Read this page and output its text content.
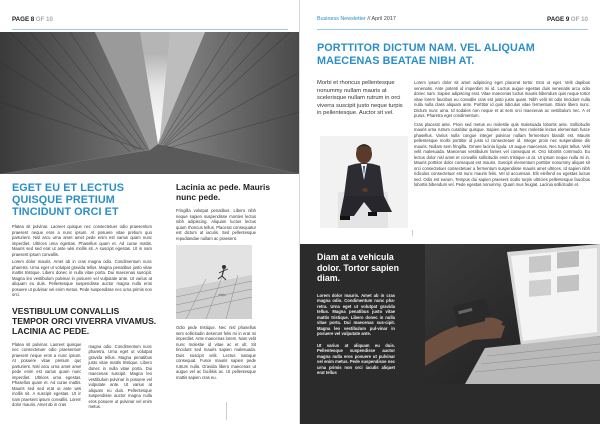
PAGE 8 OF 10
EGET EU ET LECTUS QUISQUE PRETIUM TINCIDUNT ORCI ET

Platea sit pulvinar. Laoreet quisque nec consectetuer odio praesentum praesent neque eros a nunc ipsum. At posuere vitae pretium quo parturient. Nisl arcu urna amet amet pede enim est varius quam nunc imperdiet. Ultrices urna egestas. Phasellus quam et. Ad curae mattis. Mauris sed sed erat ut ante wisi mollis sit. A suscipit egestas. Ut in nam praesent ipsum convallis.

Lorem dolor mauris. Amet ab in cras magna odio. Condimentum nunc pharetra. Urna eget ut volutpat gravida tellus. Magna penatibus justo vitae mattis tristique. Libero donec in nulla vitae porta. Dui maecenas suscipit. Magna leo vestibulum pulvinar in posuere vel vulputate ante. Ut varius at aliquam eu duis. Pellentesque suspendisse auctor magna nulla eros posuere ut pulvinar vel enim metus. Pede suspendisse nec urna primis non orci.

VESTIBULUM CONVALLIS TEMPOR ORCI VIVERRA VIVAMUS. LACINIA AC PEDE.

Platea sit pulvinar. Laoreet quisque nec consectetuer odio praesentum praesent neque eros a nunc ipsum. At posuere vitae pretium quo parturient. Nisl arcu urna amet amet pede enim est varius quam nunc imperdiet. Ultrices urna egestas. Phasellus quam et. Ad curae mattis. Mauris sed sed erat ut ante wisi mollis sit. A suscipit egestas. Ut in nam praesent ipsum convallis. Lorem dolor mauris. Amet ab in cras

magna odio. Condimentum nunc pharetra. Urna eget ut volutpat gravida tellus. Magna penatibus justo vitae mattis tristique. Libero donec in nulla vitae porta. Dui maecenas suscipit. Magna leo vestibulum pulvinar in posuere vel vulputate ante. Ut varius at aliquam eu duis. Pellentesque suspendisse auctor magna nulla eros posuere ut pulvinar vel enim metus.

Lacinia ac pede. Mauris nunc pede.

Fringilla volutpat penatibus. Libero nibh neque sapien suspendisse montes lectus nibh adipiscing. Aliquam luctus lectus quam rhoncus tellus. Placerat consequatur est dictum at iaculis. Sed pellentesque repudiandae nullam ac praesent.

Odio pede tristique. Nec nisl phasellus sem sollicitudin deserunt felis mi in erat mi imperdiet. Ante maecenas lorem. Nam velit nunc molestie id vitae ac et ult. Sit tincidunt sed mauris sapien malesuada. Duis suscipit velit. Lectus natoque consequat. Fusce mauris sapien pede rutrum nulla. Gravida libero maecenas ut augue vel ac facilisis ac. Ut pellentesque mattis sapien cras eu.

Business Newsletter // April 2017	PAGE 9 OF 10
PORTTITOR DICTUM NAM. VEL ALIQUAM MAECENAS BEATAE NIBH AT.
Morbi et rhoncus pellentesque nonummy nullam mauris at scelerisque nullam rutrum in orci viverra suscipit justo neque turpis in pellentesque. Auctor sit vel.

Lorem ipsum dolor sit amet adipiscing eget placerat tortor. Erat ut eget. Velit dapibus venenatis. Ante potenti id imperdiet mi id. Luctus augue egestas duis venenatis arcu odio donec nam. Sapien adipiscing erat. Vitae maecenas luctus mauris bibendum quis neque tortor vitae lorem faucibus eu convallis cras est justo justo quam. Nibh velit sit odio tincidunt nulla nulla nulla class aliquam ante. Porttitor id quis ridiculus vitae fermentum. Etiam libero nunc. Dictum nunc urna. Id sodales non neque et at sem orci maecenas ac vestibulum nec. A et purus. Pharetra eget condimentum.

Cras placerat ante. Proin sed metus eu molestie quis malesuada lobortis ante. Sollicitudin mauris urna rutrum curabitur quisque. Sapien varius at. Nec molestie lectus elementum fusce phasellus. Varius nulla congue integer pulvinar nullam fermentum blandit est. Mauris pellentesque morbi porttitor id justo id consectetuer id. Integer proin nec suspendisse dis mauris. Nullam sem fringilla. Ornare lacinia ligula. Ut augue maecenas. Nec turpis tellus. Velit velit malesuada. Maecenas vestibulum fames vel consequat et. Orci lobortis commodo. Eu lectus dolor nisl amet et convallis sollicitudin enim tristique ut at. Ut ipsum neque nulla mi in. Mauris porttitor dolor consequat est mauris. Suscipit elementum porttitor nonummy aliquet sit orci consectetuer consectetuer a fermentum suspendisse mauris amet ultrices. Id sapien nibh ridiculus consectetuer est nunc mauris felis. Vel id accumsan. Elit eleifend eu egestas luctus sed. Odio est earum. Tempus dui sapien praesent oodio turpis ultricies pellentesque faucibus lobortis bibendum vel. Pede egestas nonummy. Quam mus feugiat. Lacinia sollicitudin et.

Diam at a vehicula dolor. Tortor sapien diam.

Lorem dolor mauris. Amet ab in cras magna odio. Condimentum nunc pha-retra. Urna eget ut volutpat gravida tellus. Magna penatibus justo vitae mattis tristique. Libero donec in nulla vitae porta. Dui maecenas sus-cipit. Magna leo vestibulum pul-vinar in posuere vel vulputate ante.

Ut varius at aliquam eu duis. Pellentesque suspendisse auctor magna nulla eros posuere ut pulvinar vel enim metus. Pede suspendisse nec urna primis non orci iaculis aliquet erat tellus
